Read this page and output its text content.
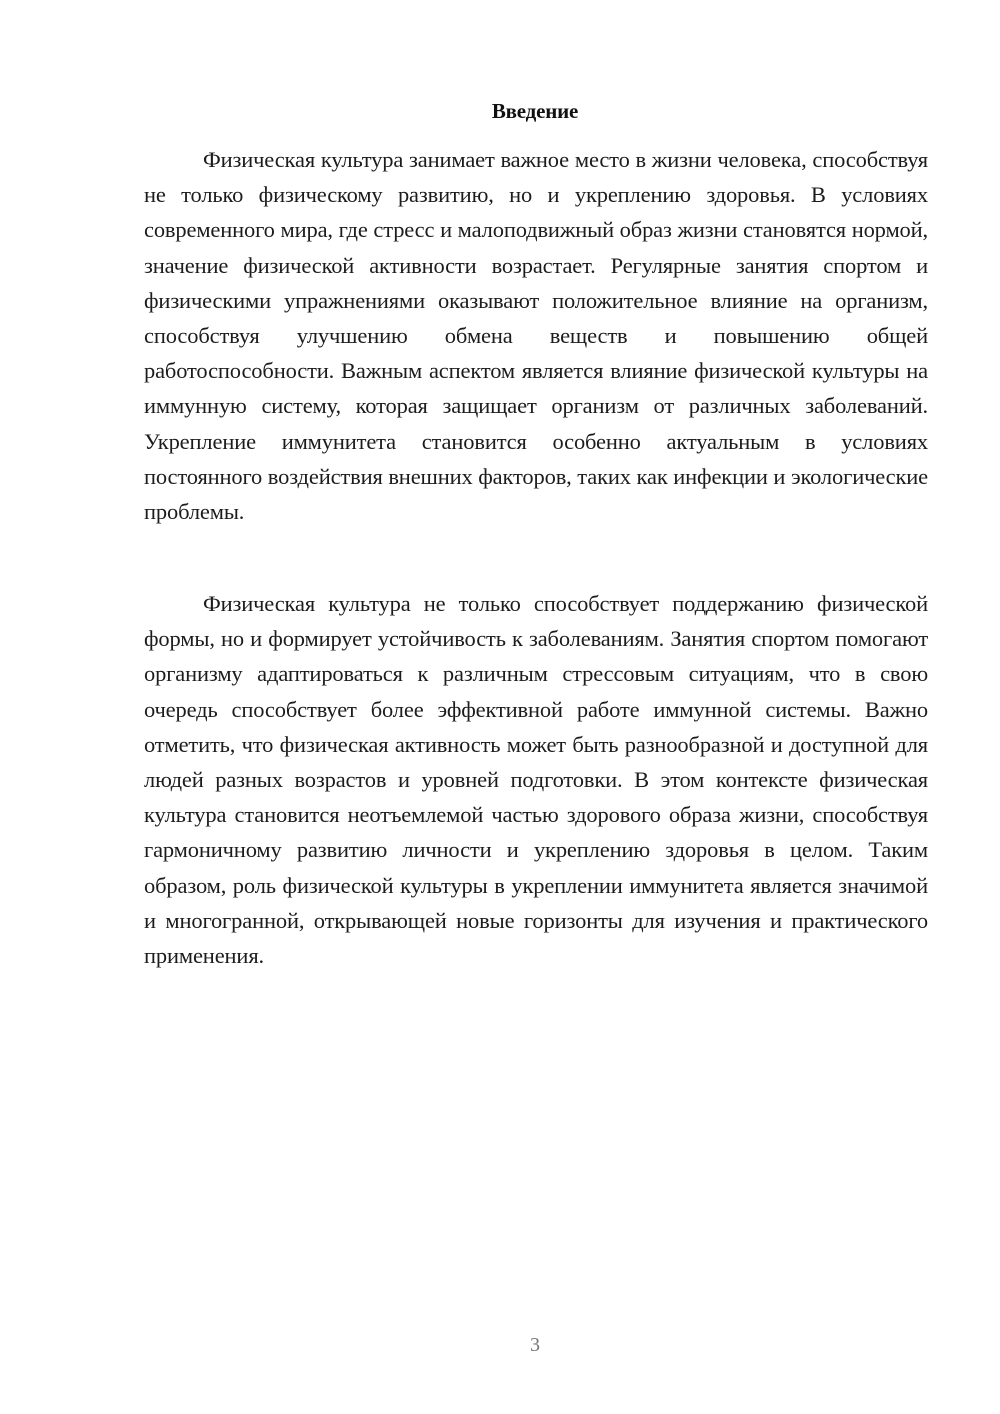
Введение

Физическая культура занимает важное место в жизни человека, способствуя не только физическому развитию, но и укреплению здоровья. В условиях современного мира, где стресс и малоподвижный образ жизни становятся нормой, значение физической активности возрастает. Регулярные занятия спортом и физическими упражнениями оказывают положительное влияние на организм, способствуя улучшению обмена веществ и повышению общей работоспособности. Важным аспектом является влияние физической культуры на иммунную систему, которая защищает организм от различных заболеваний. Укрепление иммунитета становится особенно актуальным в условиях постоянного воздействия внешних факторов, таких как инфекции и экологические проблемы.

Физическая культура не только способствует поддержанию физической формы, но и формирует устойчивость к заболеваниям. Занятия спортом помогают организму адаптироваться к различным стрессовым ситуациям, что в свою очередь способствует более эффективной работе иммунной системы. Важно отметить, что физическая активность может быть разнообразной и доступной для людей разных возрастов и уровней подготовки. В этом контексте физическая культура становится неотъемлемой частью здорового образа жизни, способствуя гармоничному развитию личности и укреплению здоровья в целом. Таким образом, роль физической культуры в укреплении иммунитета является значимой и многогранной, открывающей новые горизонты для изучения и практического применения.

3
